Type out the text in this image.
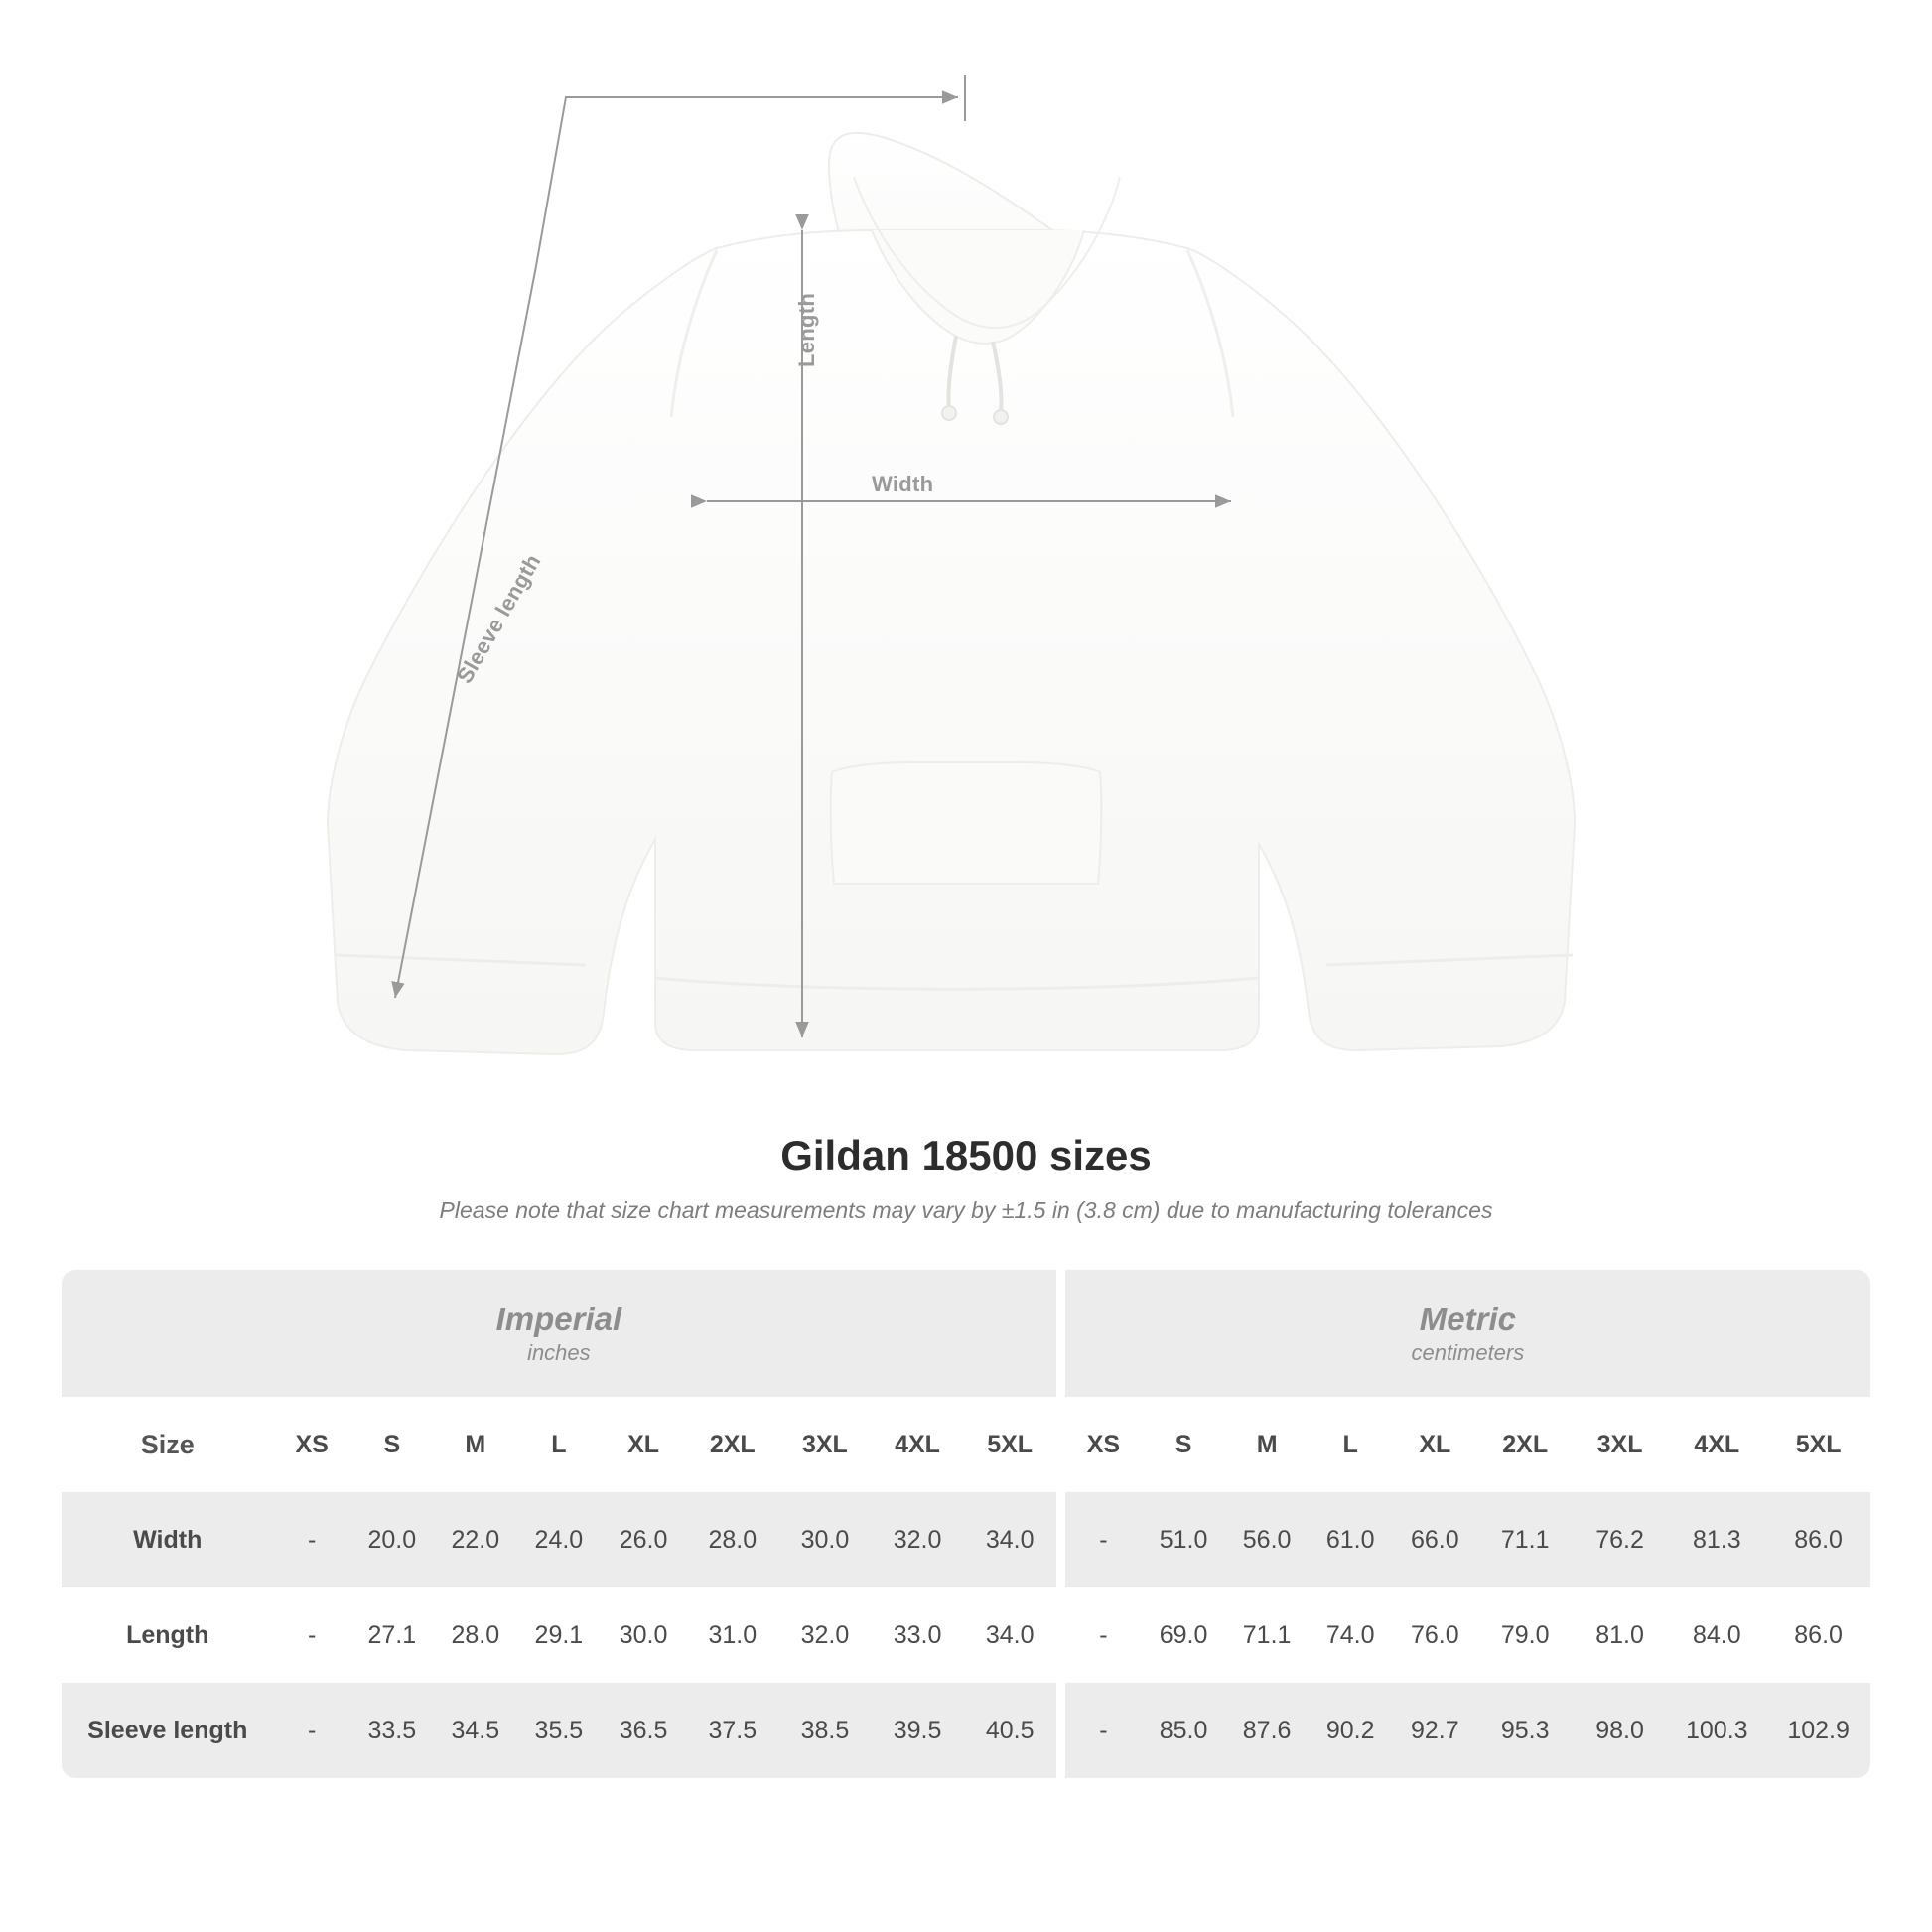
Length
Width
Sleeve length
Gildan 18500 sizes

Please note that size chart measurements may vary by ±1.5 in (3.8 cm) due to manufacturing tolerances

Imperial
inches

Metric
centimeters

Size	XS	S	M	L	XL	2XL	3XL	4XL	5XL		XS	S	M	L	XL	2XL	3XL	4XL	5XL
Width	-	20.0	22.0	24.0	26.0	28.0	30.0	32.0	34.0		-	51.0	56.0	61.0	66.0	71.1	76.2	81.3	86.0
Length	-	27.1	28.0	29.1	30.0	31.0	32.0	33.0	34.0		-	69.0	71.1	74.0	76.0	79.0	81.0	84.0	86.0
Sleeve length	-	33.5	34.5	35.5	36.5	37.5	38.5	39.5	40.5		-	85.0	87.6	90.2	92.7	95.3	98.0	100.3	102.9
